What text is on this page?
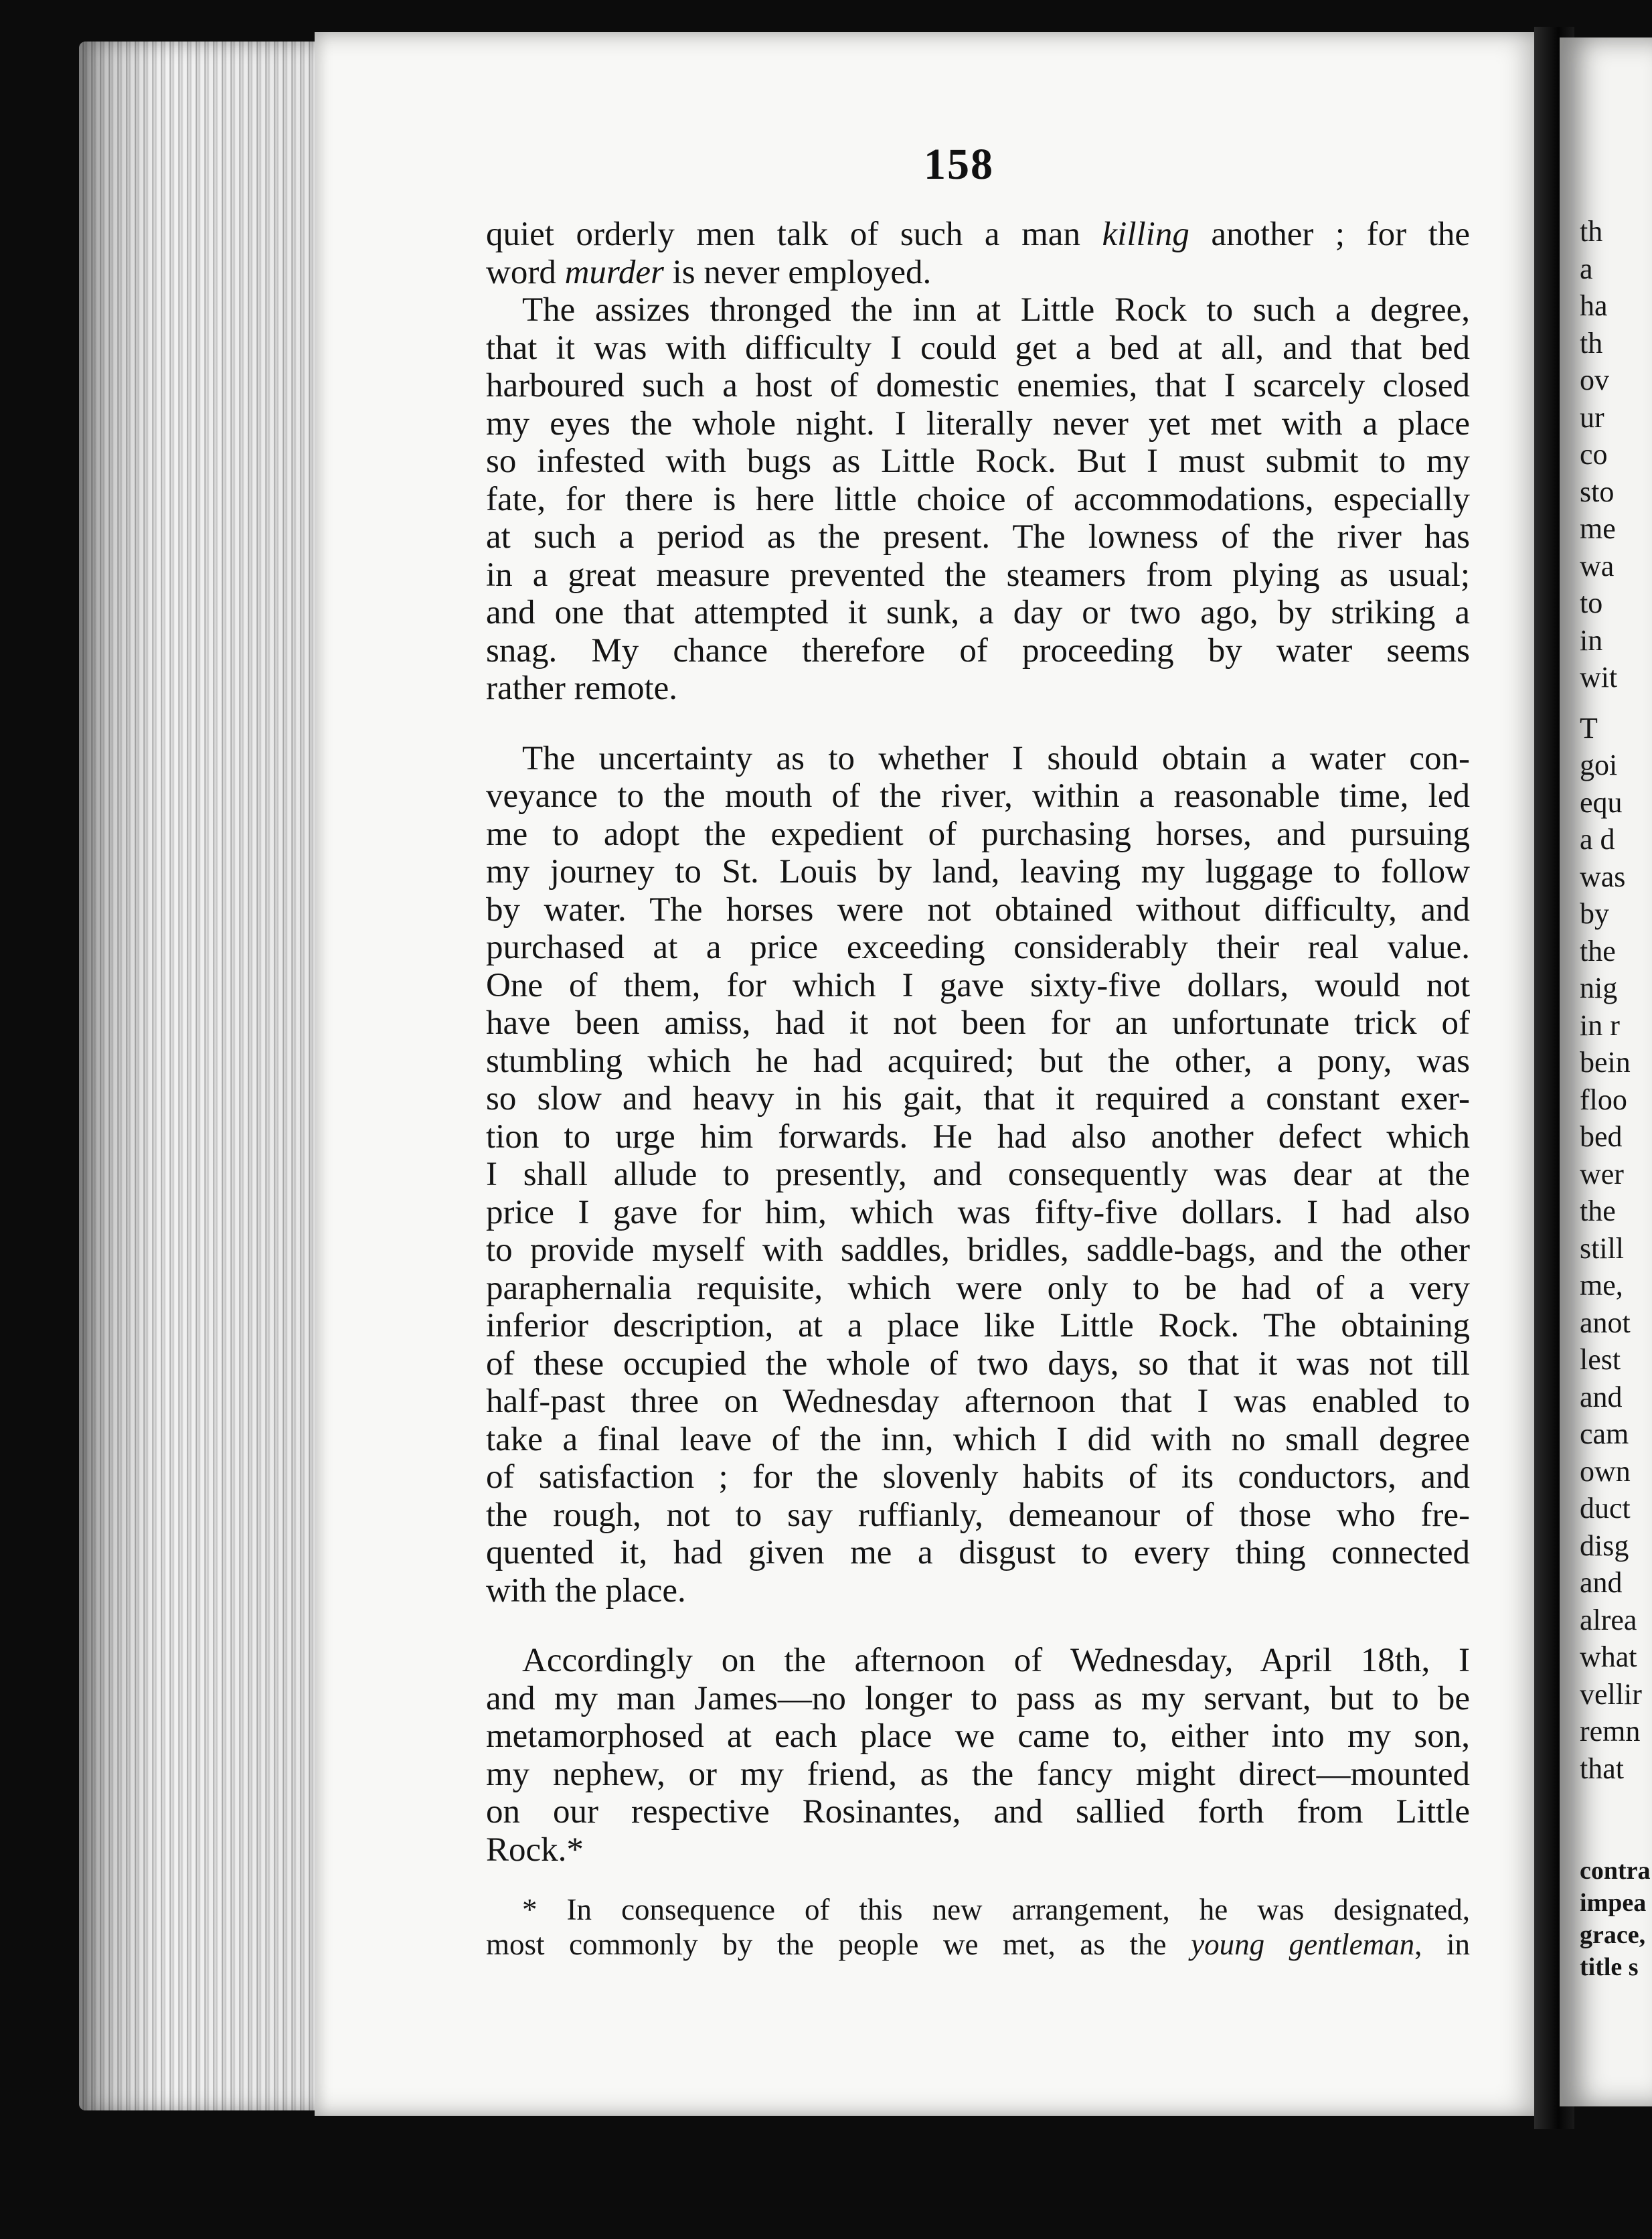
th
a
ha
th
ov
ur
co
sto
me
wa
to
in
wit
T
goi
equ
a d
was
by
the
nig
in r
bein
floo
bed
wer
the
still
me,
anot
lest
and
cam
own
duct
disg
and
alrea
what
vellir
remn
that
contra
impea
grace,
title s
158
quiet orderly men talk of such a man killing another ; for the
word murder is never employed.
The assizes thronged the inn at Little Rock to such a degree,
that it was with difficulty I could get a bed at all, and that bed
harboured such a host of domestic enemies, that I scarcely closed
my eyes the whole night. I literally never yet met with a place
so infested with bugs as Little Rock. But I must submit to my
fate, for there is here little choice of accommodations, especially
at such a period as the present. The lowness of the river has
in a great measure prevented the steamers from plying as usual;
and one that attempted it sunk, a day or two ago, by striking a
snag. My chance therefore of proceeding by water seems
rather remote.
The uncertainty as to whether I should obtain a water con-
veyance to the mouth of the river, within a reasonable time, led
me to adopt the expedient of purchasing horses, and pursuing
my journey to St. Louis by land, leaving my luggage to follow
by water. The horses were not obtained without difficulty, and
purchased at a price exceeding considerably their real value.
One of them, for which I gave sixty-five dollars, would not
have been amiss, had it not been for an unfortunate trick of
stumbling which he had acquired; but the other, a pony, was
so slow and heavy in his gait, that it required a constant exer-
tion to urge him forwards. He had also another defect which
I shall allude to presently, and consequently was dear at the
price I gave for him, which was fifty-five dollars. I had also
to provide myself with saddles, bridles, saddle-bags, and the other
paraphernalia requisite, which were only to be had of a very
inferior description, at a place like Little Rock. The obtaining
of these occupied the whole of two days, so that it was not till
half-past three on Wednesday afternoon that I was enabled to
take a final leave of the inn, which I did with no small degree
of satisfaction ; for the slovenly habits of its conductors, and
the rough, not to say ruffianly, demeanour of those who fre-
quented it, had given me a disgust to every thing connected
with the place.
Accordingly on the afternoon of Wednesday, April 18th, I
and my man James—no longer to pass as my servant, but to be
metamorphosed at each place we came to, either into my son,
my nephew, or my friend, as the fancy might direct—mounted
on our respective Rosinantes, and sallied forth from Little
Rock.*
* In consequence of this new arrangement, he was designated,
most commonly by the people we met, as the young gentleman, in
